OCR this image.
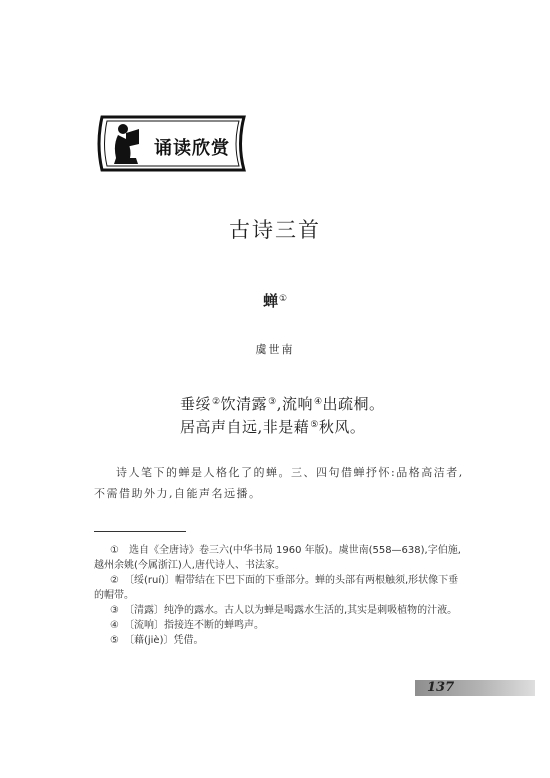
诵读欣赏
古诗三首
蝉①
虞世南
垂绥②饮清露③,流响④出疏桐。
居高声自远,非是藉⑤秋风。
诗人笔下的蝉是人格化了的蝉。三、四句借蝉抒怀:品格高洁者,不需借助外力,自能声名远播。

①　选自《全唐诗》卷三六(中华书局 1960 年版)。虞世南(558—638),字伯施,越州余姚(今属浙江)人,唐代诗人、书法家。

②　〔绥(ruí)〕帽带结在下巴下面的下垂部分。蝉的头部有两根触须,形状像下垂的帽带。

③　〔清露〕纯净的露水。古人以为蝉是喝露水生活的,其实是刺吸植物的汁液。

④　〔流响〕指接连不断的蝉鸣声。

⑤　〔藉(jiè)〕凭借。

137
